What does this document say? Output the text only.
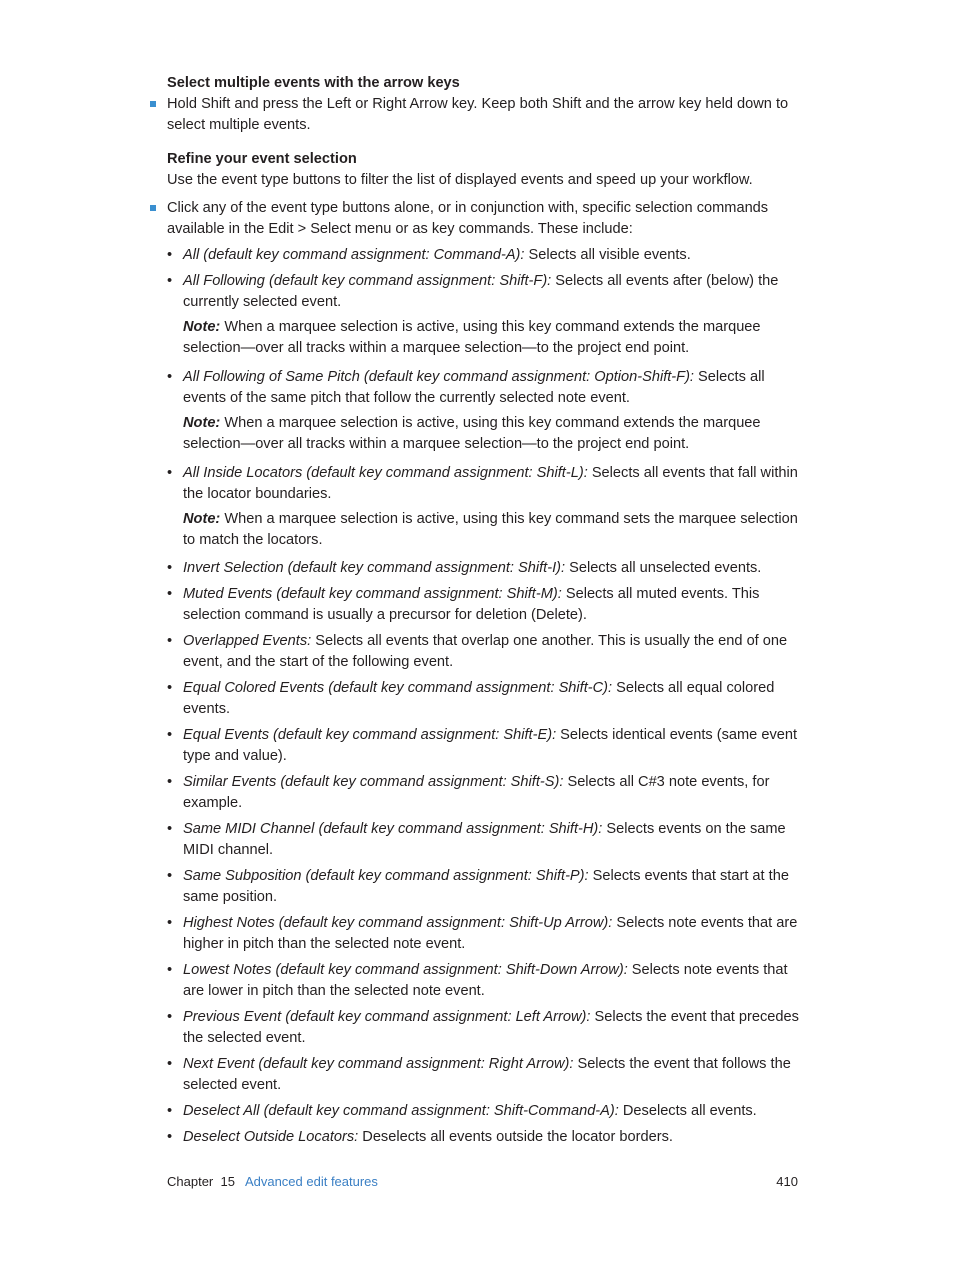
Select multiple events with the arrow keys
Hold Shift and press the Left or Right Arrow key. Keep both Shift and the arrow key held down to select multiple events.
Refine your event selection
Use the event type buttons to filter the list of displayed events and speed up your workflow.
Click any of the event type buttons alone, or in conjunction with, specific selection commands available in the Edit > Select menu or as key commands. These include:
• All (default key command assignment: Command-A): Selects all visible events.
• All Following (default key command assignment: Shift-F): Selects all events after (below) the currently selected event.
Note: When a marquee selection is active, using this key command extends the marquee selection—over all tracks within a marquee selection—to the project end point.
• All Following of Same Pitch (default key command assignment: Option-Shift-F): Selects all events of the same pitch that follow the currently selected note event.
Note: When a marquee selection is active, using this key command extends the marquee selection—over all tracks within a marquee selection—to the project end point.
• All Inside Locators (default key command assignment: Shift-L): Selects all events that fall within the locator boundaries.
Note: When a marquee selection is active, using this key command sets the marquee selection to match the locators.
• Invert Selection (default key command assignment: Shift-I): Selects all unselected events.
• Muted Events (default key command assignment: Shift-M): Selects all muted events. This selection command is usually a precursor for deletion (Delete).
• Overlapped Events: Selects all events that overlap one another. This is usually the end of one event, and the start of the following event.
• Equal Colored Events (default key command assignment: Shift-C): Selects all equal colored events.
• Equal Events (default key command assignment: Shift-E): Selects identical events (same event type and value).
• Similar Events (default key command assignment: Shift-S): Selects all C#3 note events, for example.
• Same MIDI Channel (default key command assignment: Shift-H): Selects events on the same MIDI channel.
• Same Subposition (default key command assignment: Shift-P): Selects events that start at the same position.
• Highest Notes (default key command assignment: Shift-Up Arrow): Selects note events that are higher in pitch than the selected note event.
• Lowest Notes (default key command assignment: Shift-Down Arrow): Selects note events that are lower in pitch than the selected note event.
• Previous Event (default key command assignment: Left Arrow): Selects the event that precedes the selected event.
• Next Event (default key command assignment: Right Arrow): Selects the event that follows the selected event.
• Deselect All (default key command assignment: Shift-Command-A): Deselects all events.
• Deselect Outside Locators: Deselects all events outside the locator borders.
Chapter  15 Advanced edit features	410
